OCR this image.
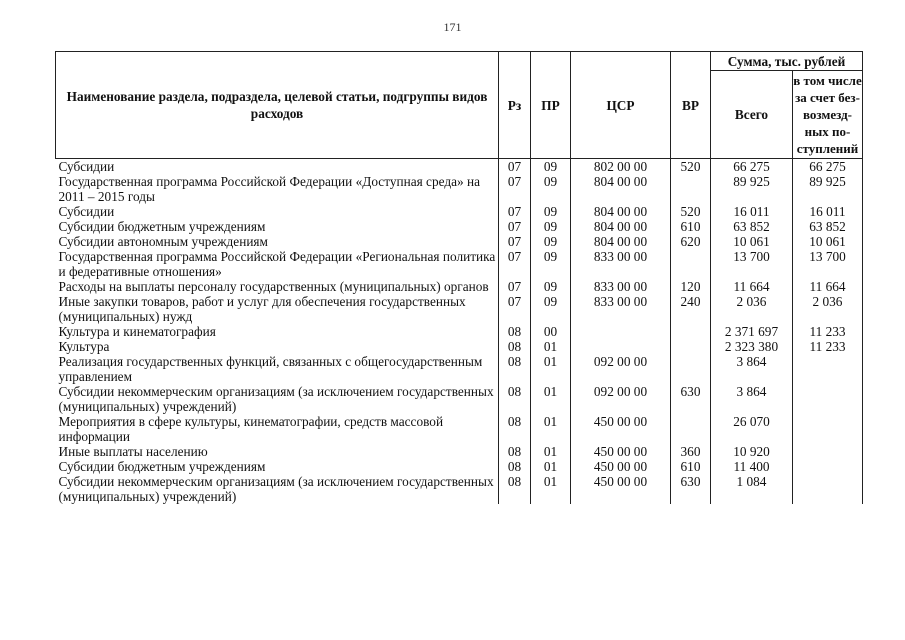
171
Наименование раздела, подраздела, целевой статьи, подгруппы видов расходов	Рз	ПР	ЦСР	ВР	Сумма, тыс. рублей	
					Всего	в том числе за счет без-возмезд-ных по-ступлений
Субсидии	07	09	802 00 00	520	66 275	66 275
Государственная программа Российской Федерации «Доступная среда» на 2011 – 2015 годы	07	09	804 00 00		89 925	89 925
Субсидии	07	09	804 00 00	520	16 011	16 011
Субсидии бюджетным учреждениям	07	09	804 00 00	610	63 852	63 852
Субсидии автономным учреждениям	07	09	804 00 00	620	10 061	10 061
Государственная программа Российской Федерации «Региональная политика и федеративные отношения»	07	09	833 00 00		13 700	13 700
Расходы на выплаты персоналу государственных (муниципальных) органов	07	09	833 00 00	120	11 664	11 664
Иные закупки товаров, работ и услуг для обеспечения государственных (муниципальных) нужд	07	09	833 00 00	240	2 036	2 036
Культура и кинематография	08	00			2 371 697	11 233
Культура	08	01			2 323 380	11 233
Реализация государственных функций, связанных с общегосударственным управлением	08	01	092 00 00		3 864	
Субсидии некоммерческим организациям (за исключением государственных (муниципальных) учреждений)	08	01	092 00 00	630	3 864	
Мероприятия в сфере культуры, кинематографии, средств массовой информации	08	01	450 00 00		26 070	
Иные выплаты населению	08	01	450 00 00	360	10 920	
Субсидии бюджетным учреждениям	08	01	450 00 00	610	11 400	
Субсидии некоммерческим организациям (за исключением государственных (муниципальных) учреждений)	08	01	450 00 00	630	1 084	
